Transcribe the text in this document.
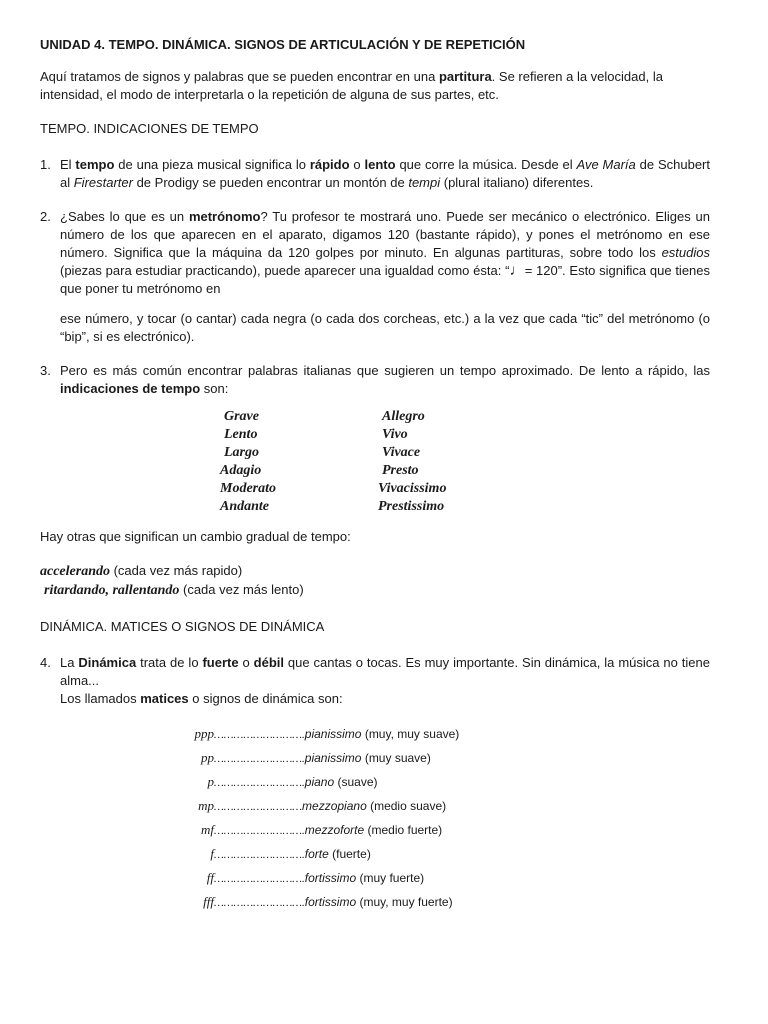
UNIDAD 4. TEMPO. DINÁMICA. SIGNOS DE ARTICULACIÓN Y DE REPETICIÓN

Aquí tratamos de signos y palabras que se pueden encontrar en una partitura. Se refieren a la velocidad, la intensidad, el modo de interpretarla o la repetición de alguna de sus partes, etc.

TEMPO. INDICACIONES DE TEMPO

1. El tempo de una pieza musical significa lo rápido o lento que corre la música. Desde el Ave María de Schubert al Firestarter de Prodigy se pueden encontrar un montón de tempi (plural italiano) diferentes.
2. ¿Sabes lo que es un metrónomo? Tu profesor te mostrará uno. Puede ser mecánico o electrónico. Eliges un número de los que aparecen en el aparato, digamos 120 (bastante rápido), y pones el metrónomo en ese número. Significa que la máquina da 120 golpes por minuto. En algunas partituras, sobre todo los estudios (piezas para estudiar practicando), puede aparecer una igualdad como ésta: “♩= 120”. Esto significa que tienes que poner tu metrónomo en
ese número, y tocar (o cantar) cada negra (o cada dos corcheas, etc.) a la vez que cada “tic” del metrónomo (o “bip”, si es electrónico).
3. Pero es más común encontrar palabras italianas que sugieren un tempo aproximado. De lento a rápido, las indicaciones de tempo son:
Grave
Lento
Largo
Adagio
Moderato
Andante
Allegro
Vivo
Vivace
Presto
Vivacissimo
Prestissimo

Hay otras que significan un cambio gradual de tempo:

accelerando (cada vez más rapido)

ritardando, rallentando (cada vez más lento)

DINÁMICA. MATICES O SIGNOS DE DINÁMICA

4. La Dinámica trata de lo fuerte o débil que cantas o tocas. Es muy importante. Sin dinámica, la música no tiene alma...
Los llamados matices o signos de dinámica son:
ppp……………………….pianissimo (muy, muy suave)
pp……………………….pianissimo (muy suave)
p……………………….piano (suave)
mp………………………mezzopiano (medio suave)
mf……………………….mezzoforte (medio fuerte)
f……………………….forte (fuerte)
ff……………………….fortissimo (muy fuerte)
fff……………………….fortissimo (muy, muy fuerte)
